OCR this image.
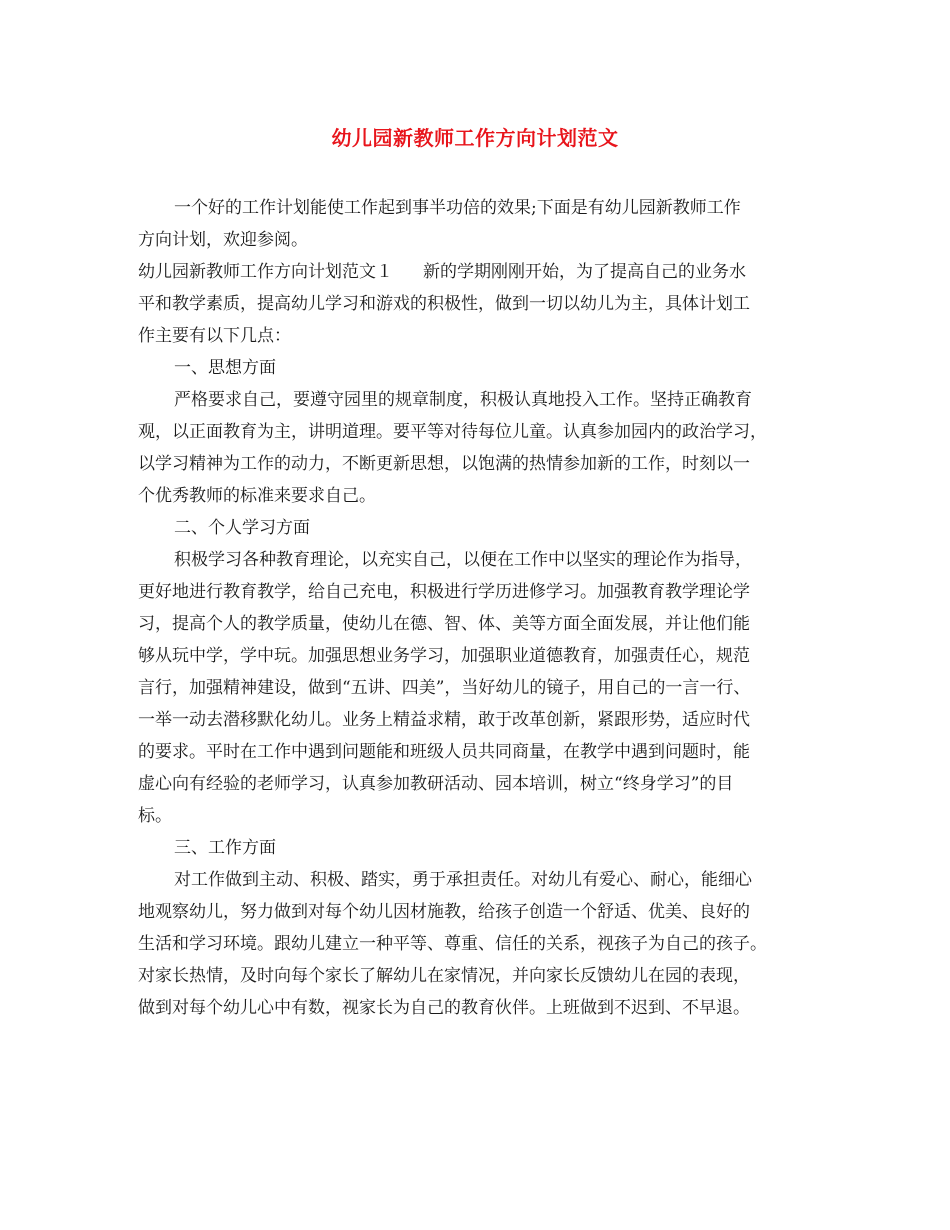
幼儿园新教师工作方向计划范文
一个好的工作计划能使工作起到事半功倍的效果;下面是有幼儿园新教师工作
方向计划，欢迎参阅。
幼儿园新教师工作方向计划范文１ 新的学期刚刚开始，为了提高自己的业务水
平和教学素质，提高幼儿学习和游戏的积极性，做到一切以幼儿为主，具体计划工
作主要有以下几点：
一、思想方面
严格要求自己，要遵守园里的规章制度，积极认真地投入工作。坚持正确教育
观，以正面教育为主，讲明道理。要平等对待每位儿童。认真参加园内的政治学习，
以学习精神为工作的动力，不断更新思想，以饱满的热情参加新的工作，时刻以一
个优秀教师的标准来要求自己。
二、个人学习方面
积极学习各种教育理论，以充实自己，以便在工作中以坚实的理论作为指导，
更好地进行教育教学，给自己充电，积极进行学历进修学习。加强教育教学理论学
习，提高个人的教学质量，使幼儿在德、智、体、美等方面全面发展，并让他们能
够从玩中学，学中玩。加强思想业务学习，加强职业道德教育，加强责任心，规范
言行，加强精神建设，做到“五讲、四美”，当好幼儿的镜子，用自己的一言一行、
一举一动去潜移默化幼儿。业务上精益求精，敢于改革创新，紧跟形势，适应时代
的要求。平时在工作中遇到问题能和班级人员共同商量，在教学中遇到问题时，能
虚心向有经验的老师学习，认真参加教研活动、园本培训，树立“终身学习”的目
标。
三、工作方面
对工作做到主动、积极、踏实，勇于承担责任。对幼儿有爱心、耐心，能细心
地观察幼儿，努力做到对每个幼儿因材施教，给孩子创造一个舒适、优美、良好的
生活和学习环境。跟幼儿建立一种平等、尊重、信任的关系，视孩子为自己的孩子。
对家长热情，及时向每个家长了解幼儿在家情况，并向家长反馈幼儿在园的表现，
做到对每个幼儿心中有数，视家长为自己的教育伙伴。上班做到不迟到、不早退。
